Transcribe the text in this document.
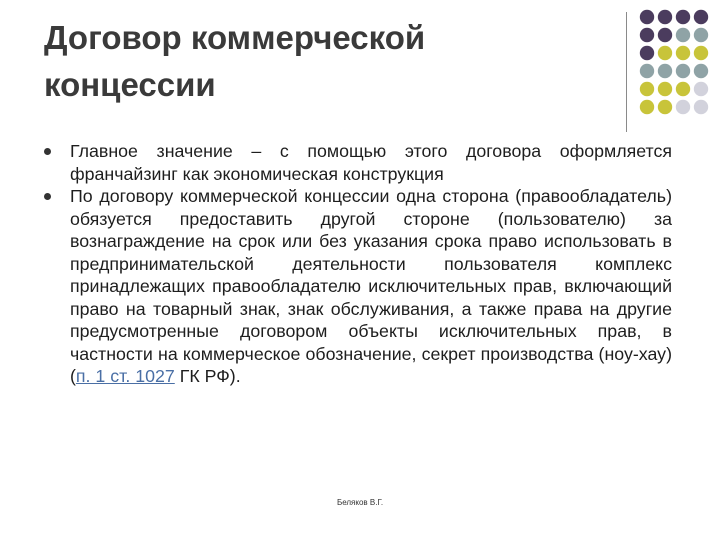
Договор коммерческой
концессии
Главное значение – с помощью этого договора оформляется франчайзинг как экономическая конструкция
По договору коммерческой концессии одна сторона (правообладатель) обязуется предоставить другой стороне (пользователю) за вознаграждение на срок или без указания срока право использовать в предпринимательской деятельности пользователя комплекс принадлежащих правообладателю исключительных прав, включающий право на товарный знак, знак обслуживания, а также права на другие предусмотренные договором объекты исключительных прав, в частности на коммерческое обозначение, секрет производства (ноу-хау) (п. 1 ст. 1027 ГК РФ).
Беляков В.Г.
